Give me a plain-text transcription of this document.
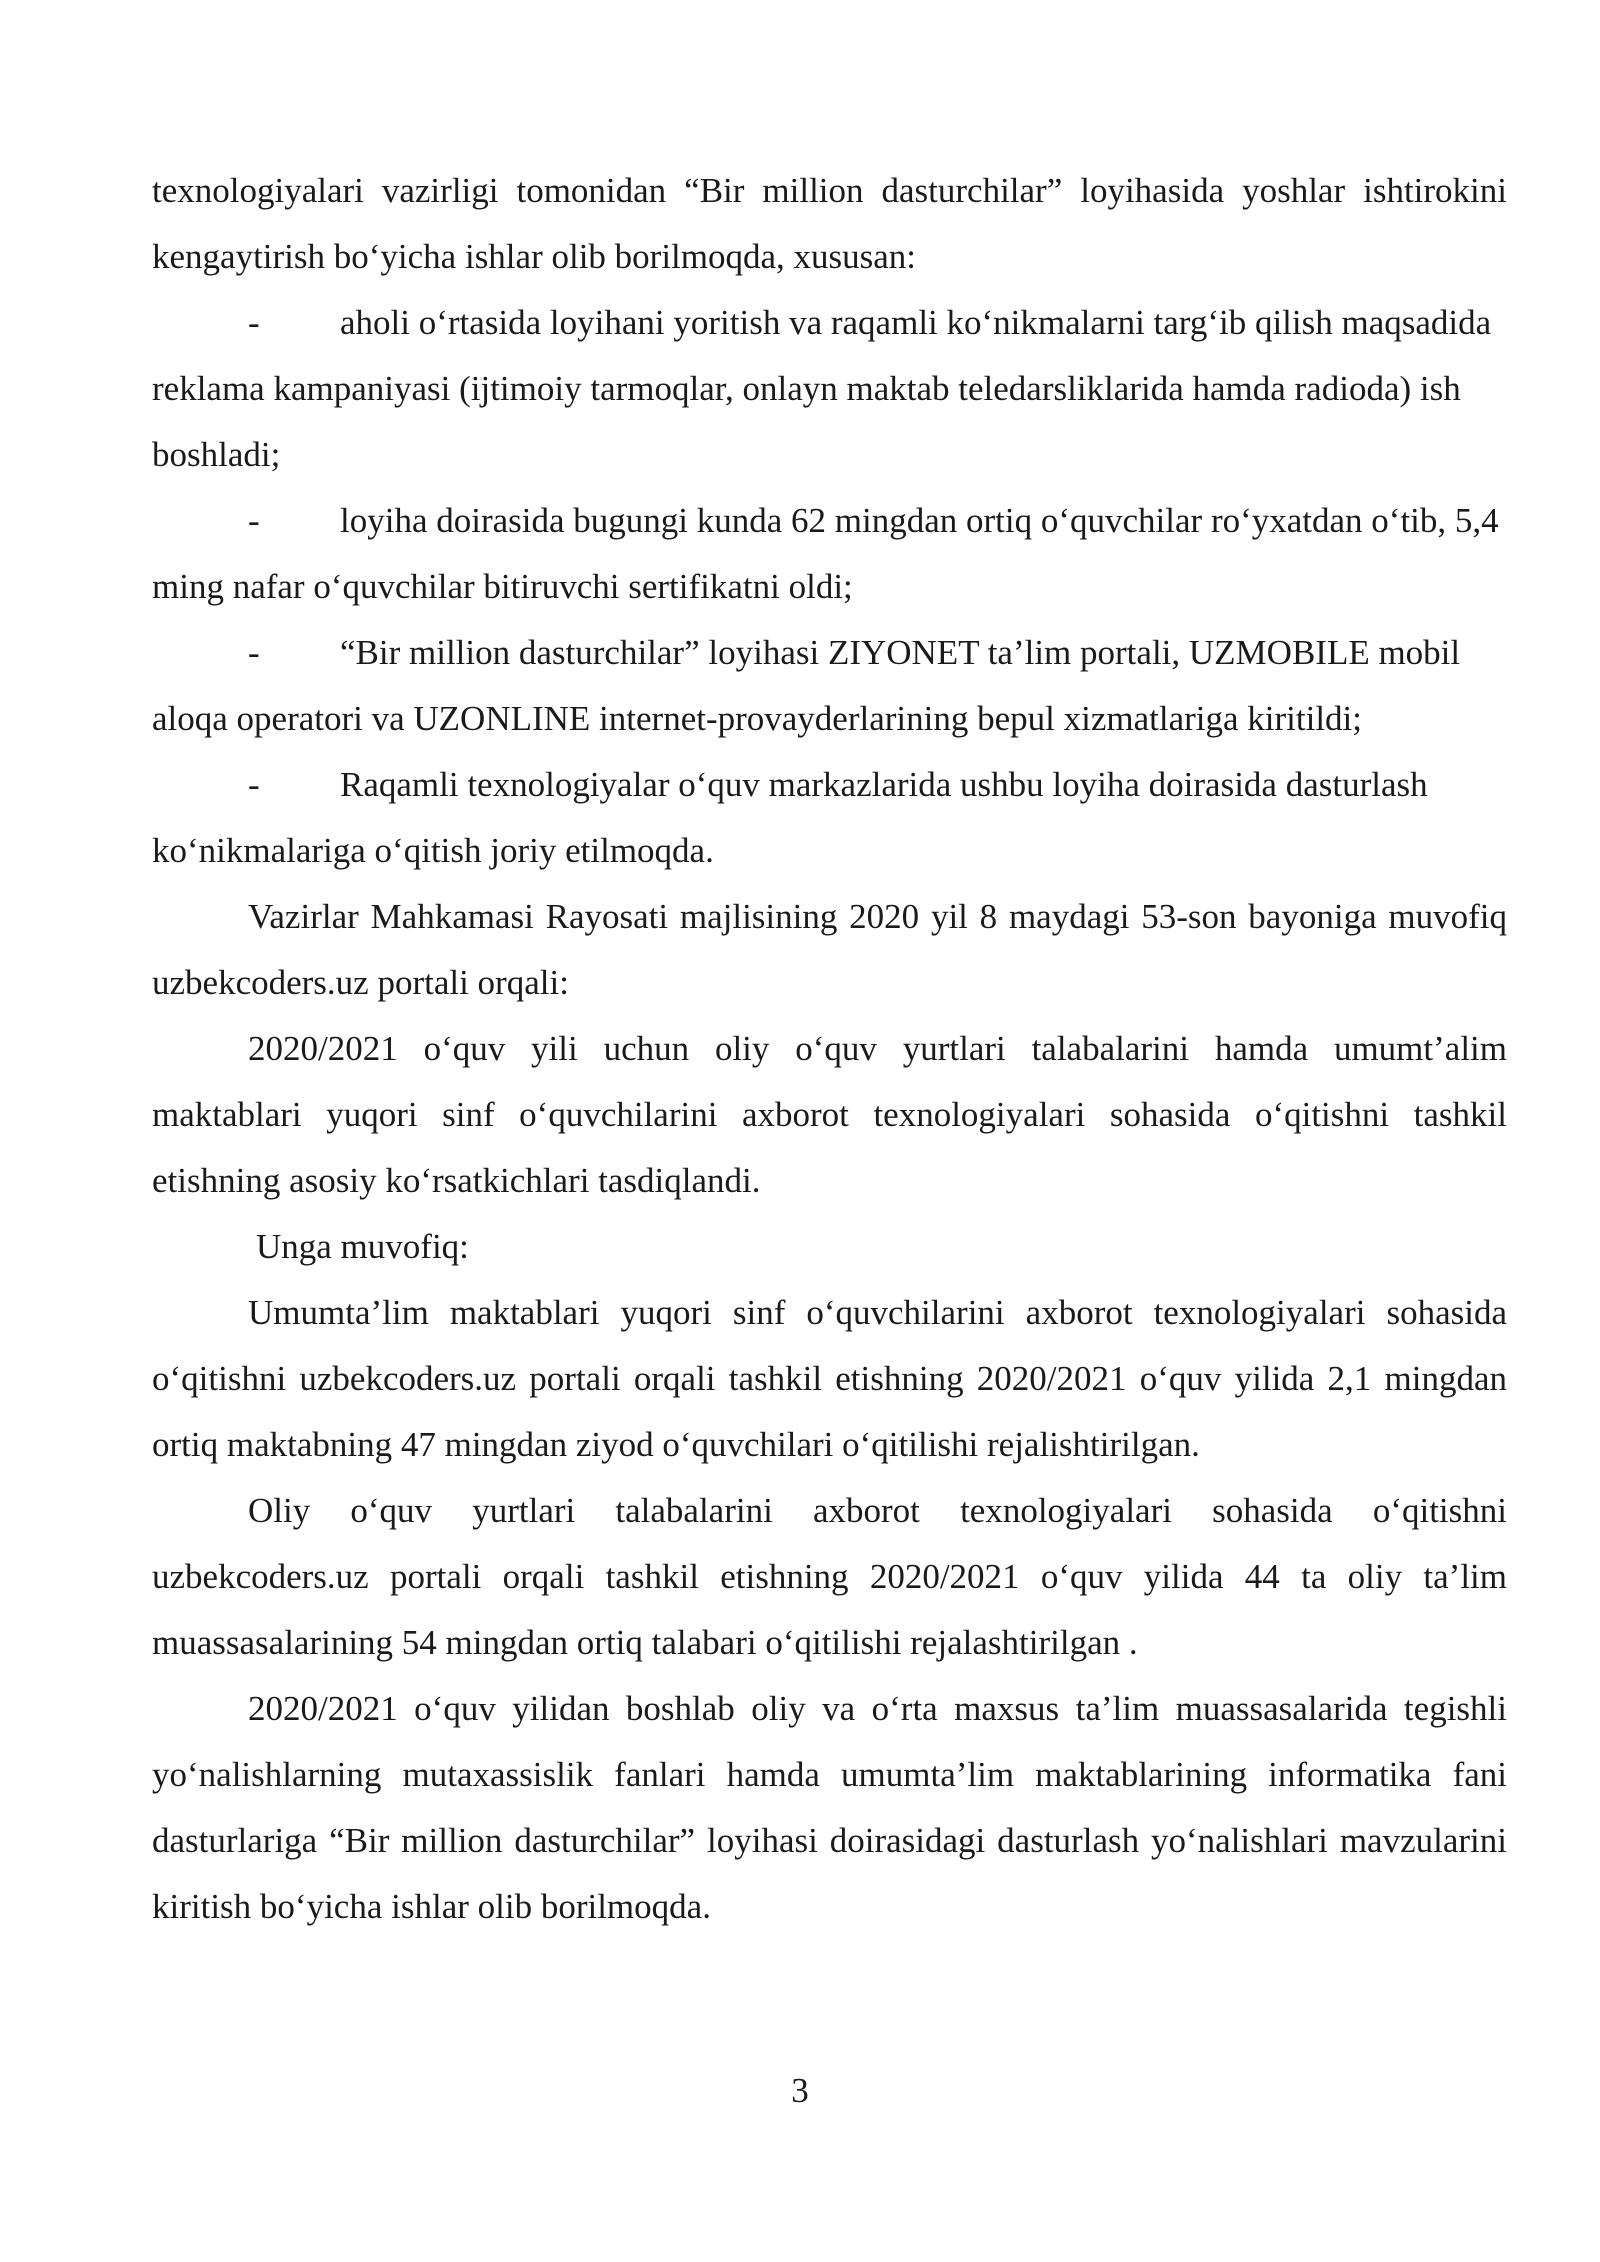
texnologiyalari vazirligi tomonidan “Bir million dasturchilar” loyihasida yoshlar ishtirokini kengaytirish bo‘yicha ishlar olib borilmoqda, xususan:

- aholi o‘rtasida loyihani yoritish va raqamli ko‘nikmalarni targ‘ib qilish maqsadida reklama kampaniyasi (ijtimoiy tarmoqlar, onlayn maktab teledarsliklarida hamda radioda) ish boshladi;

- loyiha doirasida bugungi kunda 62 mingdan ortiq o‘quvchilar ro‘yxatdan o‘tib, 5,4 ming nafar o‘quvchilar bitiruvchi sertifikatni oldi;

- “Bir million dasturchilar” loyihasi ZIYONET ta’lim portali, UZMOBILE mobil aloqa operatori va UZONLINE internet-provayderlarining bepul xizmatlariga kiritildi;

- Raqamli texnologiyalar o‘quv markazlarida ushbu loyiha doirasida dasturlash ko‘nikmalariga o‘qitish joriy etilmoqda.

Vazirlar Mahkamasi Rayosati majlisining 2020 yil 8 maydagi 53-son bayoniga muvofiq uzbekcoders.uz portali orqali:

2020/2021 o‘quv yili uchun oliy o‘quv yurtlari talabalarini hamda umumt’alim maktablari yuqori sinf o‘quvchilarini axborot texnologiyalari sohasida o‘qitishni tashkil etishning asosiy ko‘rsatkichlari tasdiqlandi.

Unga muvofiq:

Umumta’lim maktablari yuqori sinf o‘quvchilarini axborot texnologiyalari sohasida o‘qitishni uzbekcoders.uz portali orqali tashkil etishning 2020/2021 o‘quv yilida 2,1 mingdan ortiq maktabning 47 mingdan ziyod o‘quvchilari o‘qitilishi rejalishtirilgan.

Oliy o‘quv yurtlari talabalarini axborot texnologiyalari sohasida o‘qitishni uzbekcoders.uz portali orqali tashkil etishning 2020/2021 o‘quv yilida 44 ta oliy ta’lim muassasalarining 54 mingdan ortiq talabari o‘qitilishi rejalashtirilgan .

2020/2021 o‘quv yilidan boshlab oliy va o‘rta maxsus ta’lim muassasalarida tegishli yo‘nalishlarning mutaxassislik fanlari hamda umumta’lim maktablarining informatika fani dasturlariga “Bir million dasturchilar” loyihasi doirasidagi dasturlash yo‘nalishlari mavzularini kiritish bo‘yicha ishlar olib borilmoqda.

3
